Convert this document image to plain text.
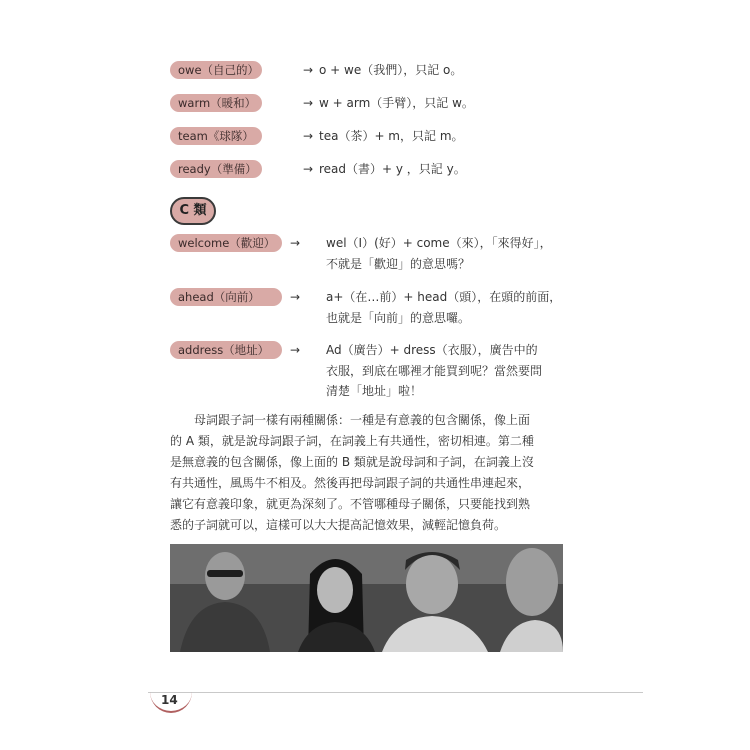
owe（自己的）	→ o + we（我們），只記 o。
warm（暖和）	→ w + arm（手臂），只記 w。
team《球隊）	→ tea（茶）+ m，只記 m。
ready（準備）	→ read（書）+ y ，只記 y。
C 類
welcome（歡迎）	→ wel（I）(好）+ come（來），「來得好」，
不就是「歡迎」的意思嗎？
ahead（向前）	→ a+（在…前）+ head（頭），在頭的前面，
也就是「向前」的意思囉。
address（地址）	→ Ad（廣告）+ dress（衣服），廣告中的
衣服，到底在哪裡才能買到呢？當然要問
清楚「地址」啦！
母詞跟子詞一樣有兩種關係：一種是有意義的包含關係，像上面
的 A 類，就是說母詞跟子詞，在詞義上有共通性，密切相連。第二種
是無意義的包含關係，像上面的 B 類就是說母詞和子詞，在詞義上沒
有共通性，風馬牛不相及。然後再把母詞跟子詞的共通性串連起來，
讓它有意義印象，就更為深刻了。不管哪種母子關係，只要能找到熟
悉的子詞就可以，這樣可以大大提高記憶效果，減輕記憶負荷。
14
